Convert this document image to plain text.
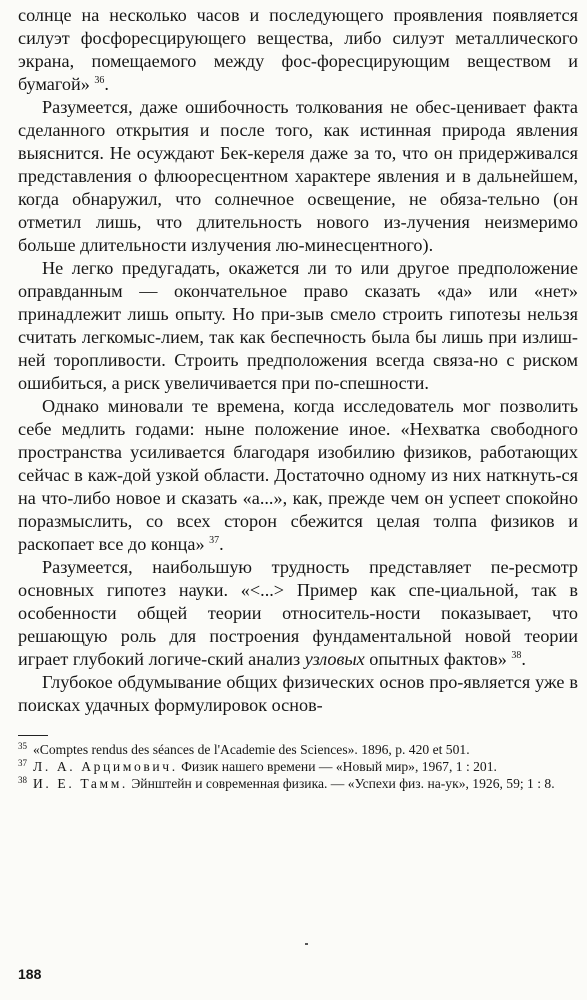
солнце на несколько часов и последующего проявления появляется силуэт фосфоресцирующего вещества, либо силуэт металлического экрана, помещаемого между фос-форесцирующим веществом и бумагой» $^{36}$.

Разумеется, даже ошибочность толкования не обес-ценивает факта сделанного открытия и после того, как истинная природа явления выяснится. Не осуждают Бек-кереля даже за то, что он придерживался представления о флюоресцентном характере явления и в дальнейшем, когда обнаружил, что солнечное освещение, не обяза-тельно (он отметил лишь, что длительность нового из-лучения неизмеримо больше длительности излучения лю-минесцентного).

Не легко предугадать, окажется ли то или другое предположение оправданным — окончательное право сказать «да» или «нет» принадлежит лишь опыту. Но при-зыв смело строить гипотезы нельзя считать легкомыс-лием, так как беспечность была бы лишь при излиш-ней торопливости. Строить предположения всегда связа-но с риском ошибиться, а риск увеличивается при по-спешности.

Однако миновали те времена, когда исследователь мог позволить себе медлить годами: ныне положение иное. «Нехватка свободного пространства усиливается благодаря изобилию физиков, работающих сейчас в каж-дой узкой области. Достаточно одному из них наткнуть-ся на что-либо новое и сказать «а...», как, прежде чем он успеет спокойно поразмыслить, со всех сторон сбежится целая толпа физиков и раскопает все до конца» $^{37}$.

Разумеется, наибольшую трудность представляет пе-ресмотр основных гипотез науки. «<...> Пример как спе-циальной, так в особенности общей теории относитель-ности показывает, что решающую роль для построения фундаментальной новой теории играет глубокий логиче-ский анализ узловых опытных фактов» $^{38}$.

Глубокое обдумывание общих физических основ про-является уже в поисках удачных формулировок основ-

$^{35}$ «Comptes rendus des séances de l'Academie des Sciences». 1896, p. 420 et 501.

$^{37}$ Л. А. Арцимович. Физик нашего времени — «Новый мир», 1967, 1 : 201.

$^{38}$ И. Е. Тамм. Эйнштейн и современная физика. — «Успехи физ. на-ук», 1926, 59; 1 : 8.

188
